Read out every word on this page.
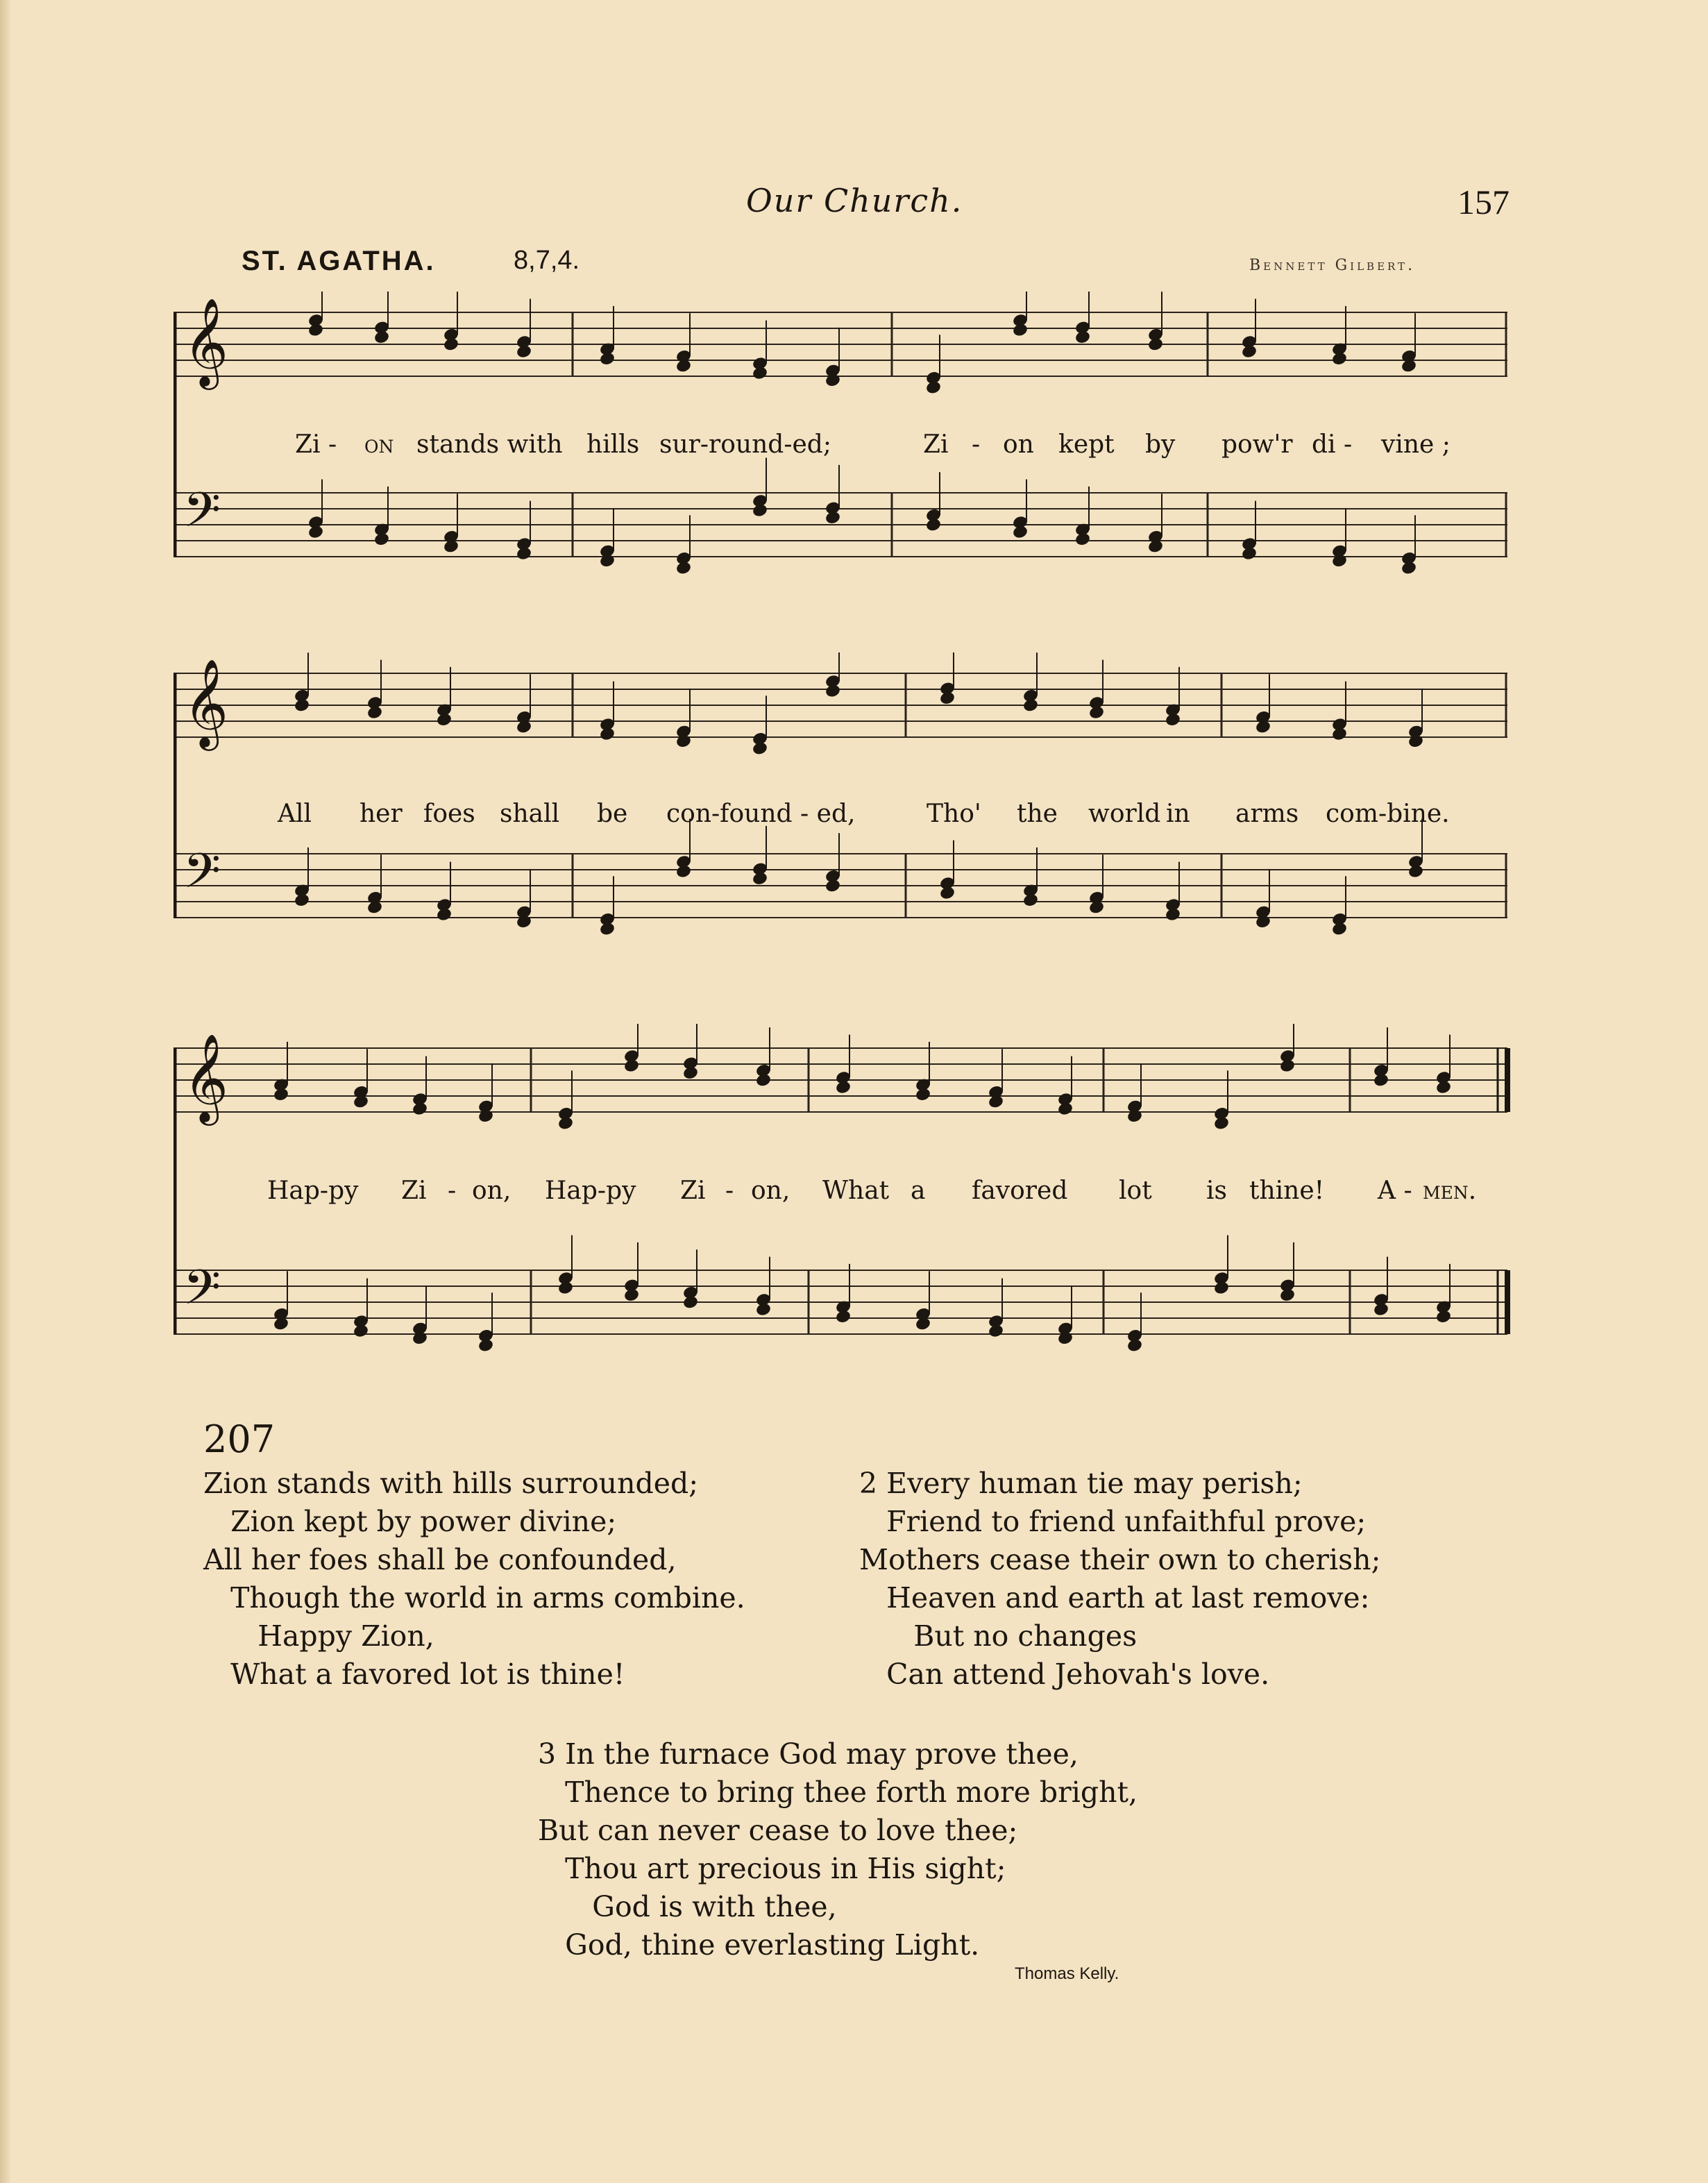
Our Church.	157
ST. AGATHA.	8,7,4.	Bennett Gilbert.
𝄞
𝄢
Zi - on stands with hills sur-round-ed;	Zi - on kept by pow'r di - vine ;
𝄞
𝄢
All her foes shall be con-found - ed,	Tho' the world in arms com-bine.
𝄞
𝄢
Hap-py Zi - on, Hap-py Zi - on, What a favored lot is thine! A - men.
207
Zion stands with hills surrounded;
Zion kept by power divine;
All her foes shall be confounded,
Though the world in arms combine.
Happy Zion,
What a favored lot is thine!
2 Every human tie may perish;
Friend to friend unfaithful prove;
Mothers cease their own to cherish;
Heaven and earth at last remove:
But no changes
Can attend Jehovah's love.
3 In the furnace God may prove thee,
Thence to bring thee forth more bright,
But can never cease to love thee;
Thou art precious in His sight;
God is with thee,
God, thine everlasting Light.
Thomas Kelly.
